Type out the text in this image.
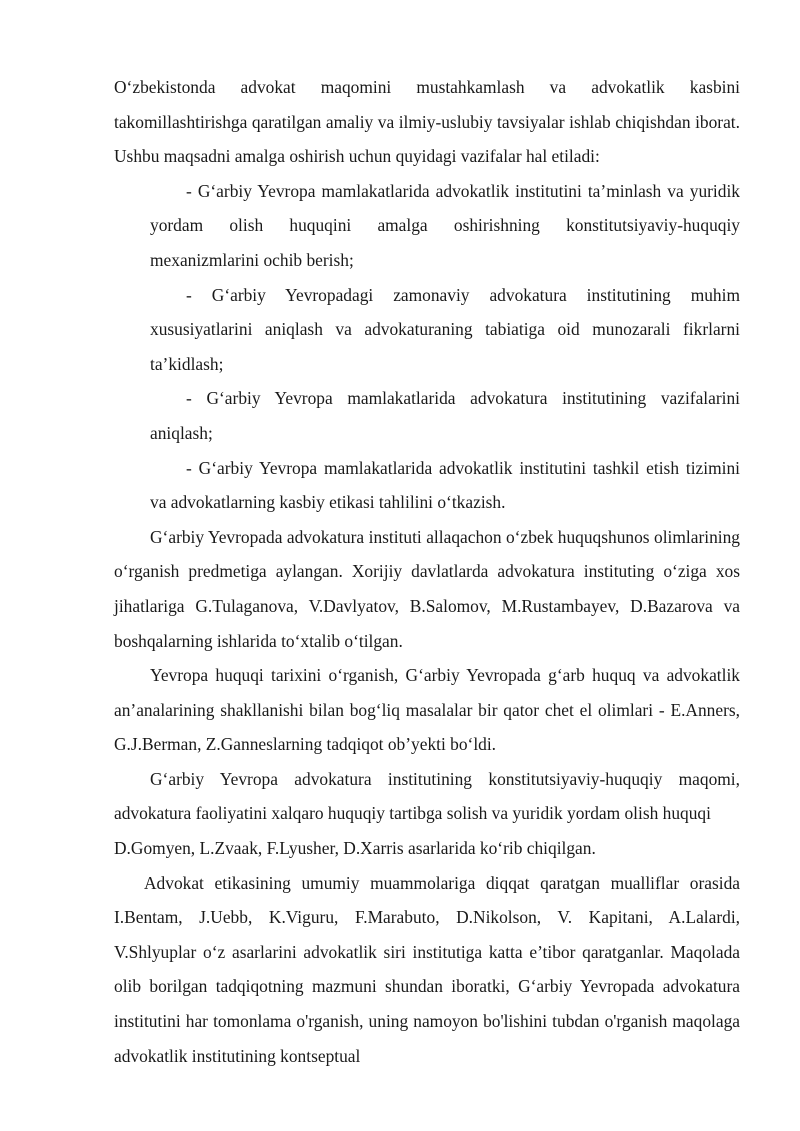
O‘zbekistonda advokat maqomini mustahkamlash va advokatlik kasbini takomillashtirishga qaratilgan amaliy va ilmiy-uslubiy tavsiyalar ishlab chiqishdan iborat. Ushbu maqsadni amalga oshirish uchun quyidagi vazifalar hal etiladi:

- G‘arbiy Yevropa mamlakatlarida advokatlik institutini ta’minlash va yuridik yordam olish huquqini amalga oshirishning konstitutsiyaviy-huquqiy mexanizmlarini ochib berish;

- G‘arbiy Yevropadagi zamonaviy advokatura institutining muhim xususiyatlarini aniqlash va advokaturaning tabiatiga oid munozarali fikrlarni ta’kidlash;

- G‘arbiy Yevropa mamlakatlarida advokatura institutining vazifalarini aniqlash;

- G‘arbiy Yevropa mamlakatlarida advokatlik institutini tashkil etish tizimini va advokatlarning kasbiy etikasi tahlilini o‘tkazish.

G‘arbiy Yevropada advokatura instituti allaqachon o‘zbek huquqshunos olimlarining o‘rganish predmetiga aylangan. Xorijiy davlatlarda advokatura instituting o‘ziga xos jihatlariga G.Tulaganova, V.Davlyatov, B.Salomov, M.Rustambayev, D.Bazarova va boshqalarning ishlarida to‘xtalib o‘tilgan.

Yevropa huquqi tarixini o‘rganish, G‘arbiy Yevropada g‘arb huquq va advokatlik an’analarining shakllanishi bilan bog‘liq masalalar bir qator chet el olimlari - E.Anners, G.J.Berman, Z.Ganneslarning tadqiqot ob’yekti bo‘ldi.

G‘arbiy Yevropa advokatura institutining konstitutsiyaviy-huquqiy maqomi, advokatura faoliyatini xalqaro huquqiy tartibga solish va yuridik yordam olish huquqi

D.Gomyen, L.Zvaak, F.Lyusher, D.Xarris asarlarida ko‘rib chiqilgan.

Advokat etikasining umumiy muammolariga diqqat qaratgan mualliflar orasida I.Bentam, J.Uebb, K.Viguru, F.Marabuto, D.Nikolson, V. Kapitani, A.Lalardi, V.Shlyuplar o‘z asarlarini advokatlik siri institutiga katta e’tibor qaratganlar. Maqolada olib borilgan tadqiqotning mazmuni shundan iboratki, G‘arbiy Yevropada advokatura institutini har tomonlama o'rganish, uning namoyon bo'lishini tubdan o'rganish maqolaga advokatlik institutining kontseptual
